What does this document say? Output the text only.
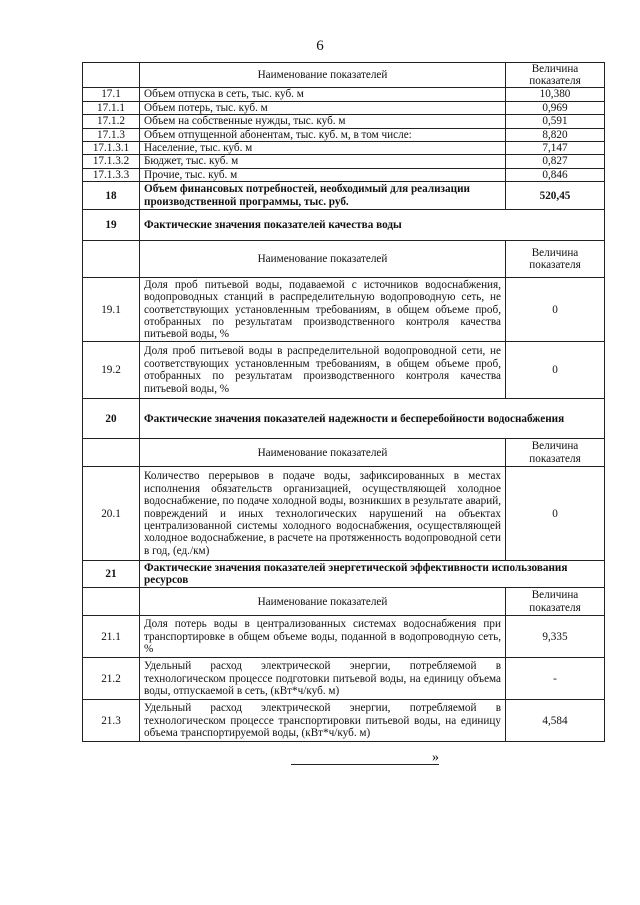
6
	Наименование показателей	Величина
показателя
17.1	Объем отпуска в сеть, тыс. куб. м	10,380
17.1.1	Объем потерь, тыс. куб. м	0,969
17.1.2	Объем на собственные нужды, тыс. куб. м	0,591
17.1.3	Объем отпущенной абонентам, тыс. куб. м, в том числе:	8,820
17.1.3.1	Население, тыс. куб. м	7,147
17.1.3.2	Бюджет, тыс. куб. м	0,827
17.1.3.3	Прочие, тыс. куб. м	0,846
18	Объем финансовых потребностей, необходимый для реализации производственной программы, тыс. руб.	520,45
19	Фактические значения показателей качества воды	
	Наименование показателей	Величина
показателя
19.1	Доля проб питьевой воды, подаваемой с источников водоснабжения, водопроводных станций в распределительную водопроводную сеть, не соответствующих установленным требованиям, в общем объеме проб, отобранных по результатам производственного контроля качества питьевой воды, %	0
19.2	Доля проб питьевой воды в распределительной водопроводной сети, не соответствующих установленным требованиям, в общем объеме проб, отобранных по результатам производственного контроля качества питьевой воды, %	0
20	Фактические значения показателей надежности и бесперебойности водоснабжения	
	Наименование показателей	Величина
показателя
20.1	Количество перерывов в подаче воды, зафиксированных в местах исполнения обязательств организацией, осуществляющей холодное водоснабжение, по подаче холодной воды, возникших в результате аварий, повреждений и иных технологических нарушений на объектах централизованной системы холодного водоснабжения, осуществляющей холодное водоснабжение, в расчете на протяженность водопроводной сети в год, (ед./км)	0
21	Фактические значения показателей энергетической эффективности использования ресурсов	
	Наименование показателей	Величина
показателя
21.1	Доля потерь воды в централизованных системах водоснабжения при транспортировке в общем объеме воды, поданной в водопроводную сеть, %	9,335
21.2	Удельный расход электрической энергии, потребляемой в технологическом процессе подготовки питьевой воды, на единицу объема воды, отпускаемой в сеть, (кВт*ч/куб. м)	-
21.3	Удельный расход электрической энергии, потребляемой в технологическом процессе транспортировки питьевой воды, на единицу объема транспортируемой воды, (кВт*ч/куб. м)	4,584
»
